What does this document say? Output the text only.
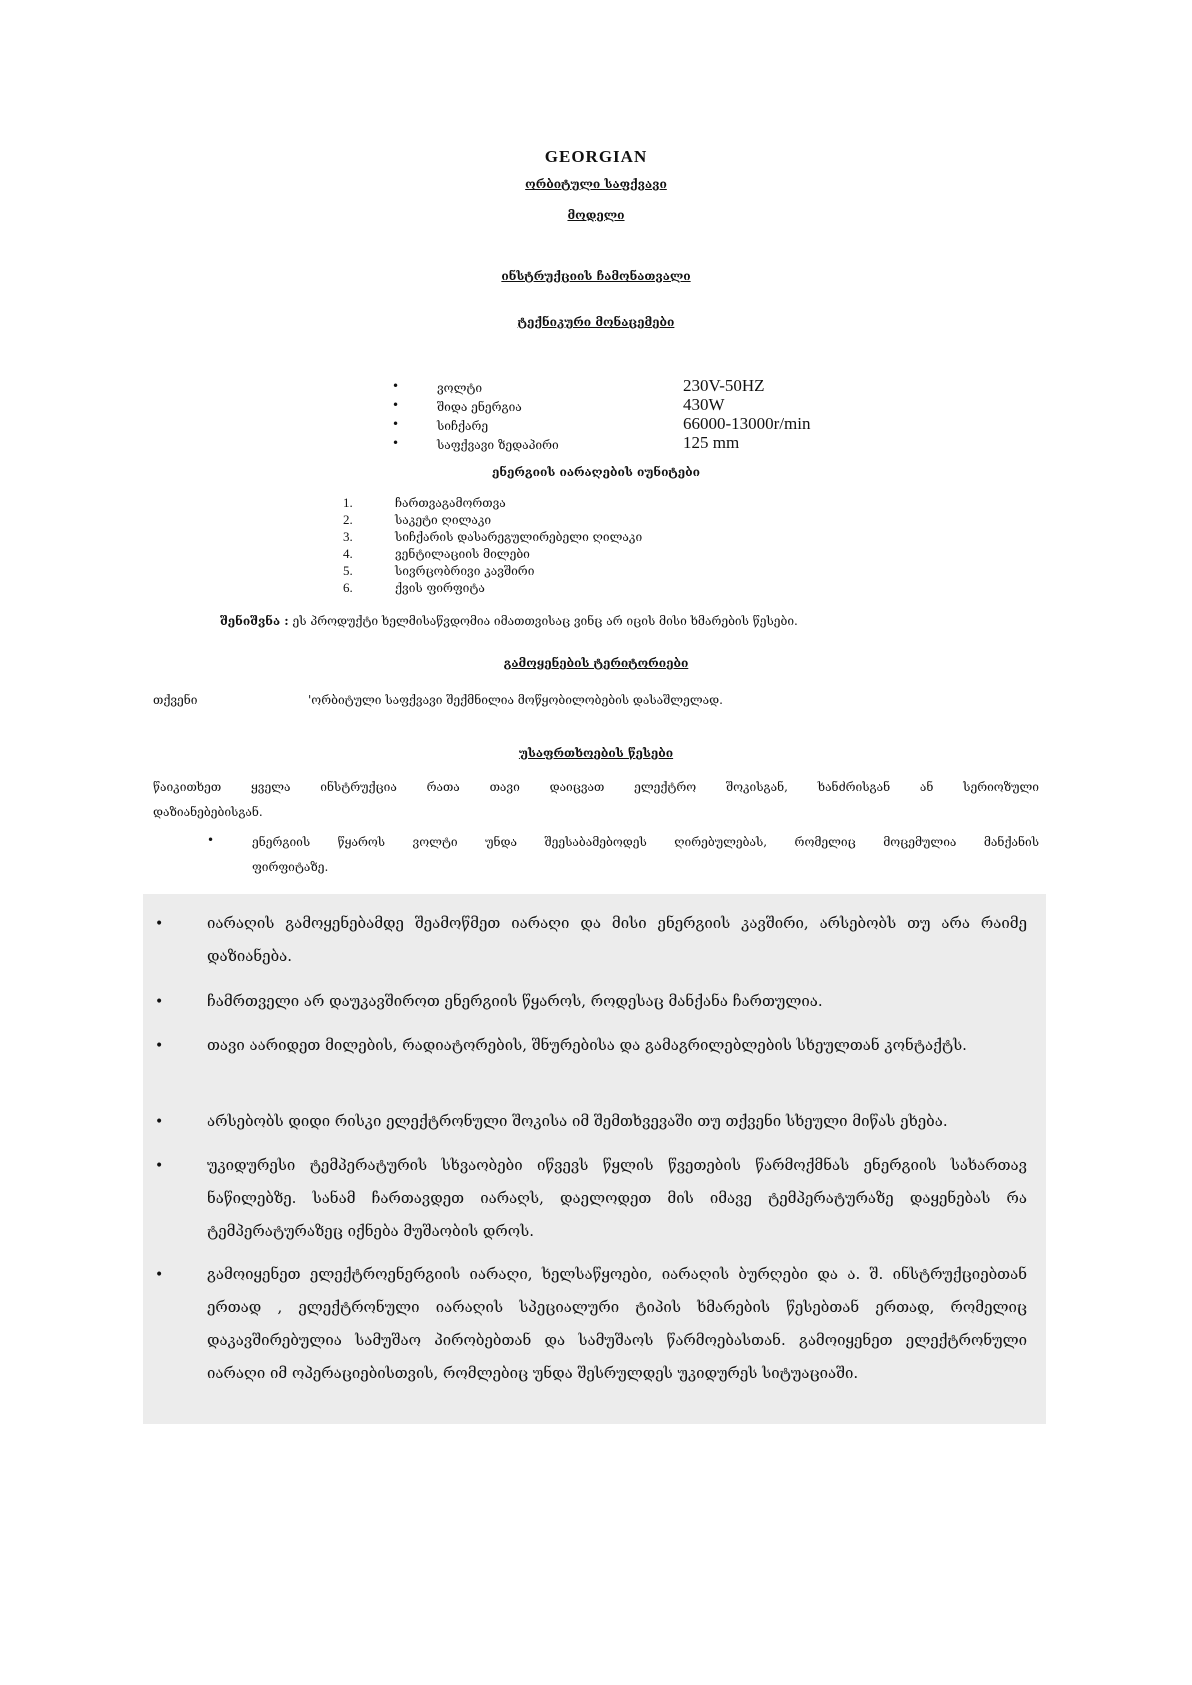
GEORGIAN
ორბიტული საფქვავი
მოდელი
ინსტრუქციის ჩამონათვალი
ტექნიკური მონაცემები
•	ვოლტი	230V-50HZ
•	შიდა ენერგია	430W
•	სიჩქარე	66000-13000r/min
•	საფქვავი ზედაპირი	125 mm
ენერგიის იარაღების იუნიტები
1.	ჩართვაგამორთვა
2.	საკეტი ღილაკი
3.	სიჩქარის დასარეგულირებელი ღილაკი
4.	ვენტილაციის მილები
5.	სივრცობრივი კავშირი
6.	ქვის ფირფიტა
შენიშვნა : ეს პროდუქტი ხელმისაწვდომია იმათთვისაც ვინც არ იცის მისი ხმარების წესები.
გამოყენების ტერიტორიები
თქვენი	'ორბიტული საფქვავი შექმნილია მოწყობილობების დასაშლელად.
უსაფრთხოების წესები
წაიკითხეთ ყველა ინსტრუქცია რათა თავი დაიცვათ ელექტრო შოკისგან, ხანძრისგან ან სერიოზული
დაზიანებებისგან.
•	ენერგიის წყაროს ვოლტი უნდა შეესაბამებოდეს ღირებულებას, რომელიც მოცემულია მანქანის
ფირფიტაზე.
•	იარაღის გამოყენებამდე შეამოწმეთ იარაღი და მისი ენერგიის კავშირი, არსებობს თუ არა რაიმე დაზიანება.
•	ჩამრთველი არ დაუკავშიროთ ენერგიის წყაროს, როდესაც მანქანა ჩართულია.
•	თავი აარიდეთ მილების, რადიატორების, შნურებისა და გამაგრილებლების სხეულთან კონტაქტს.
•	არსებობს დიდი რისკი ელექტრონული შოკისა იმ შემთხვევაში თუ თქვენი სხეული მიწას ეხება.
•	უკიდურესი ტემპერატურის სხვაობები იწვევს წყლის წვეთების წარმოქმნას ენერგიის სახართავ ნაწილებზე. სანამ ჩართავდეთ იარაღს, დაელოდეთ მის იმავე ტემპერატურაზე დაყენებას რა ტემპერატურაზეც იქნება მუშაობის დროს.
•	გამოიყენეთ ელექტროენერგიის იარაღი, ხელსაწყოები, იარაღის ბურღები და ა. შ. ინსტრუქციებთან ერთად , ელექტრონული იარაღის სპეციალური ტიპის ხმარების წესებთან ერთად, რომელიც დაკავშირებულია სამუშაო პირობებთან და სამუშაოს წარმოებასთან. გამოიყენეთ ელექტრონული იარაღი იმ ოპერაციებისთვის, რომლებიც უნდა შესრულდეს უკიდურეს სიტუაციაში.
